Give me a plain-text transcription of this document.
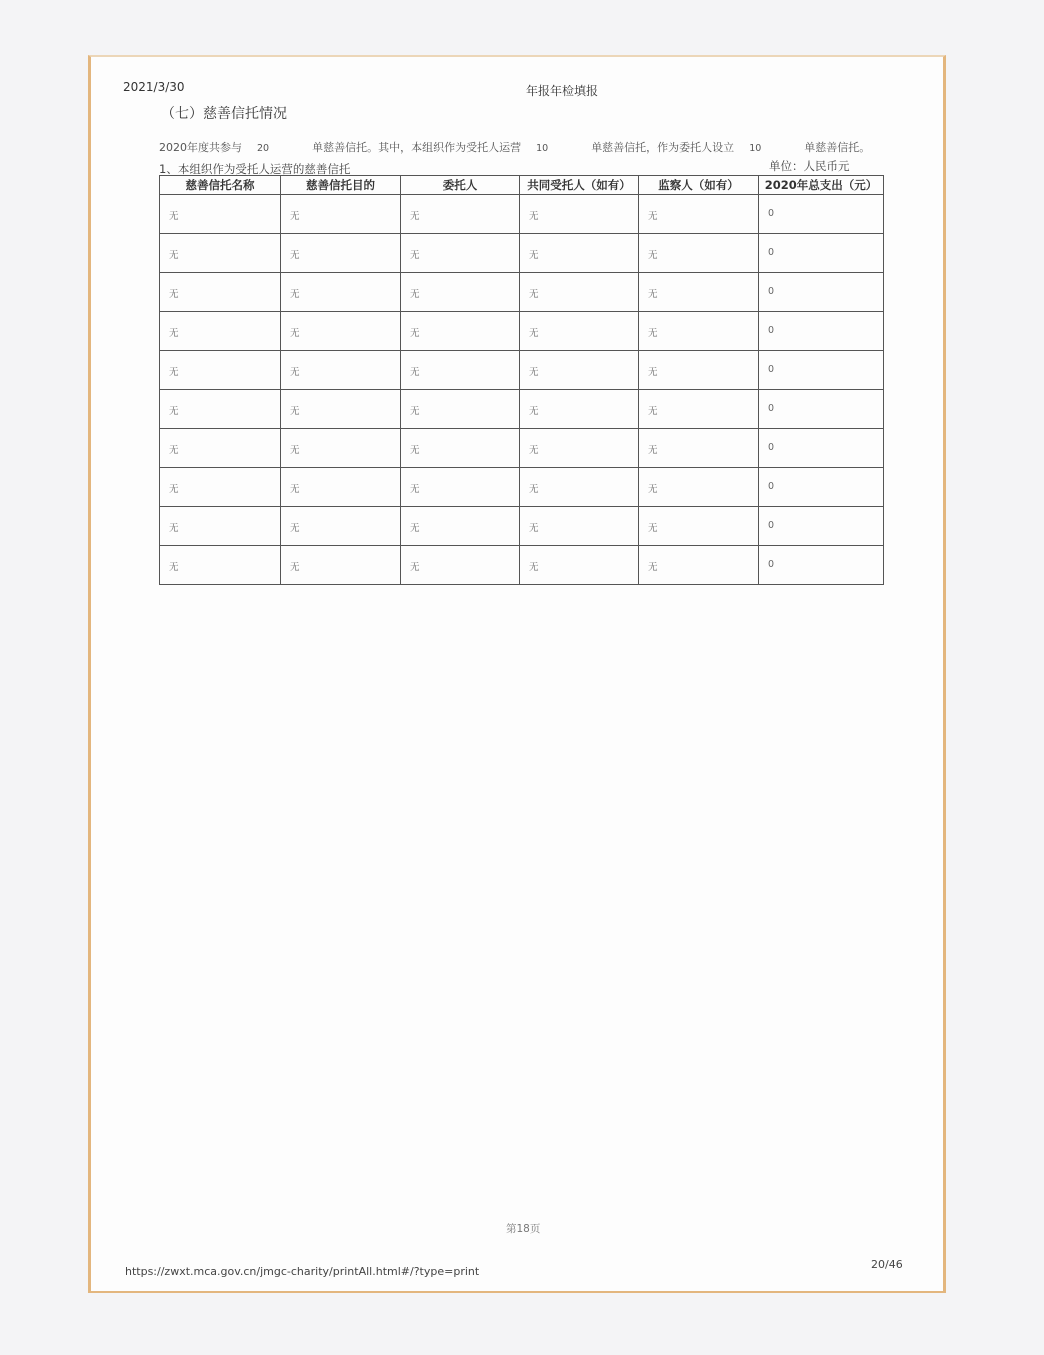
2021/3/30	年报年检填报
（七）慈善信托情况
2020年度共参与 20	单慈善信托。其中，本组织作为受托人运营 10	单慈善信托，作为委托人设立 10	单慈善信托。
1、本组织作为受托人运营的慈善信托	单位：人民币元
慈善信托名称	慈善信托目的	委托人	共同受托人（如有）	监察人（如有）	2020年总支出（元）
无	无	无	无	无	0
无	无	无	无	无	0
无	无	无	无	无	0
无	无	无	无	无	0
无	无	无	无	无	0
无	无	无	无	无	0
无	无	无	无	无	0
无	无	无	无	无	0
无	无	无	无	无	0
无	无	无	无	无	0
第18页
https://zwxt.mca.gov.cn/jmgc-charity/printAll.html#/?type=print
20/46
